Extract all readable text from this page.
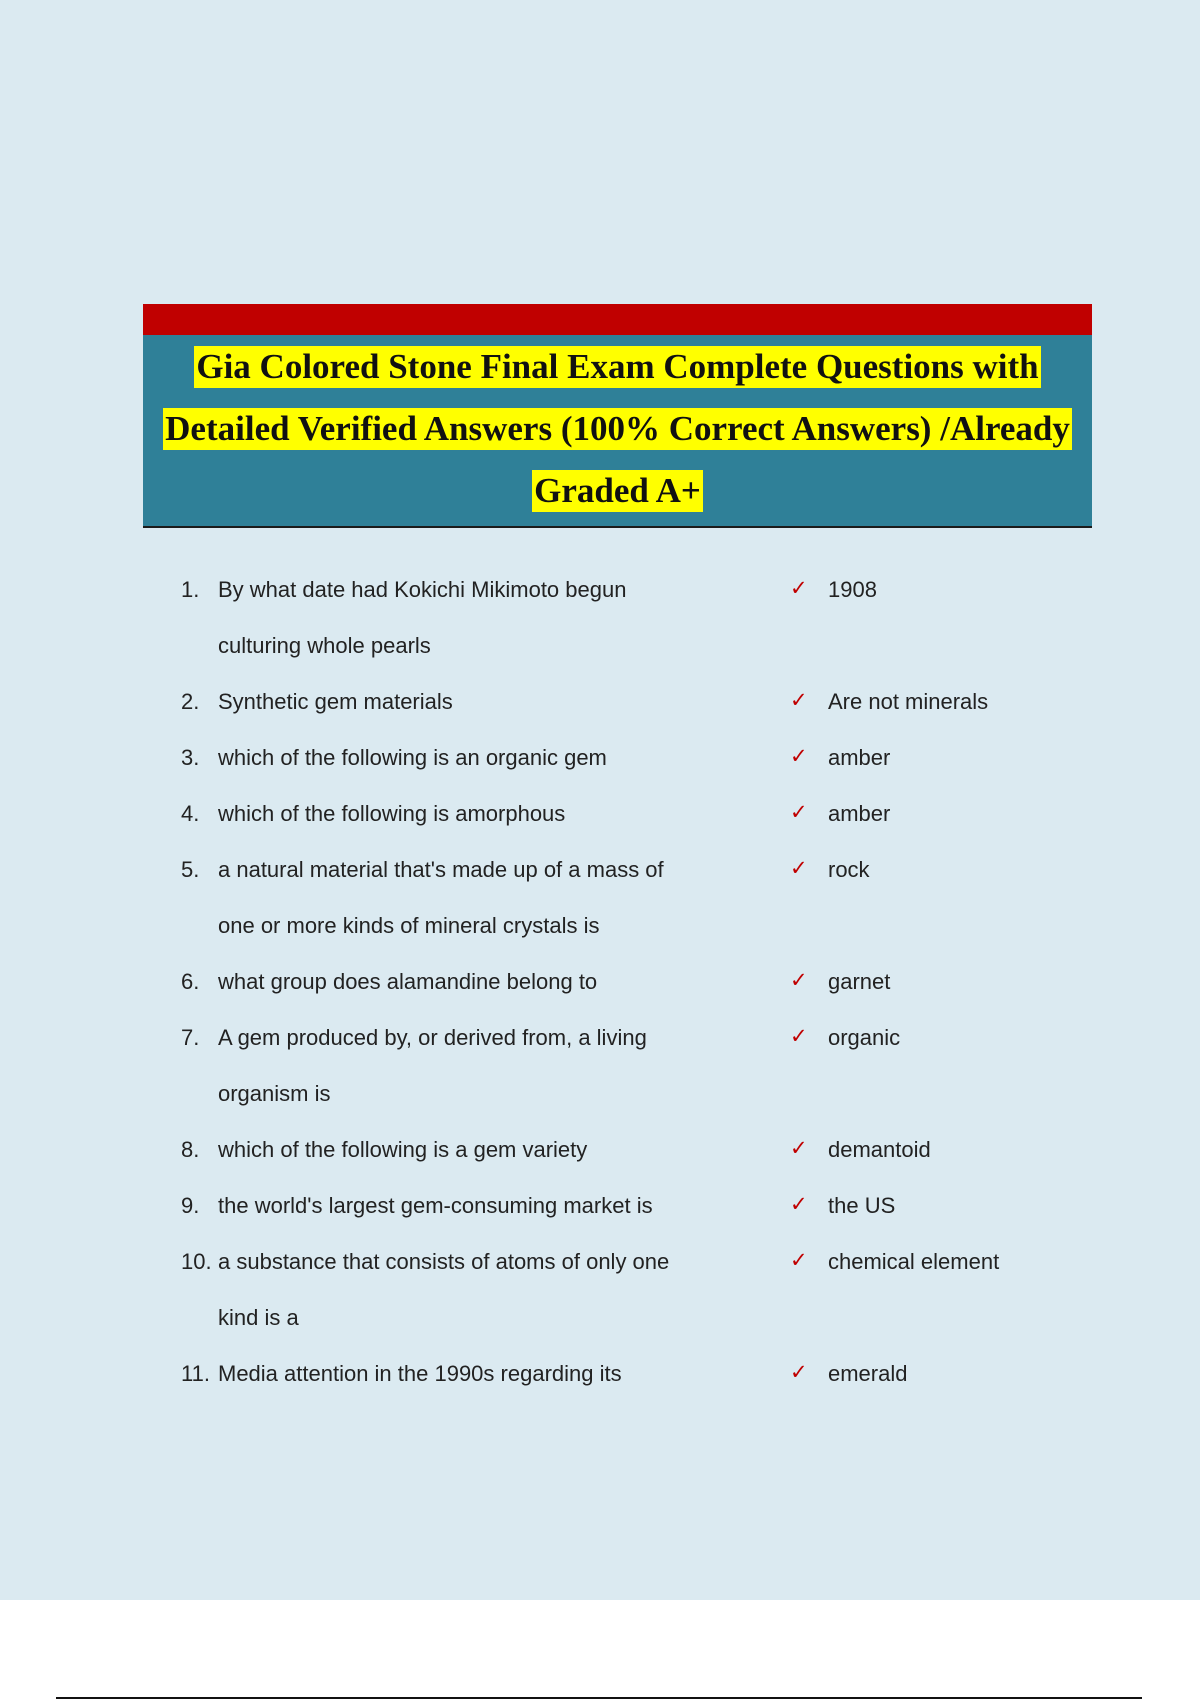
Gia Colored Stone Final Exam Complete Questions with
Detailed Verified Answers (100% Correct Answers) /Already
Graded A+
1. By what date had Kokichi Mikimoto begun	✓ 1908
culturing whole pearls
2. Synthetic gem materials	✓ Are not minerals
3. which of the following is an organic gem	✓ amber
4. which of the following is amorphous	✓ amber
5. a natural material that's made up of a mass of	✓ rock
one or more kinds of mineral crystals is
6. what group does alamandine belong to	✓ garnet
7. A gem produced by, or derived from, a living	✓ organic
organism is
8. which of the following is a gem variety	✓ demantoid
9. the world's largest gem-consuming market is	✓ the US
10. a substance that consists of atoms of only one	✓ chemical element
kind is a
11. Media attention in the 1990s regarding its	✓ emerald
